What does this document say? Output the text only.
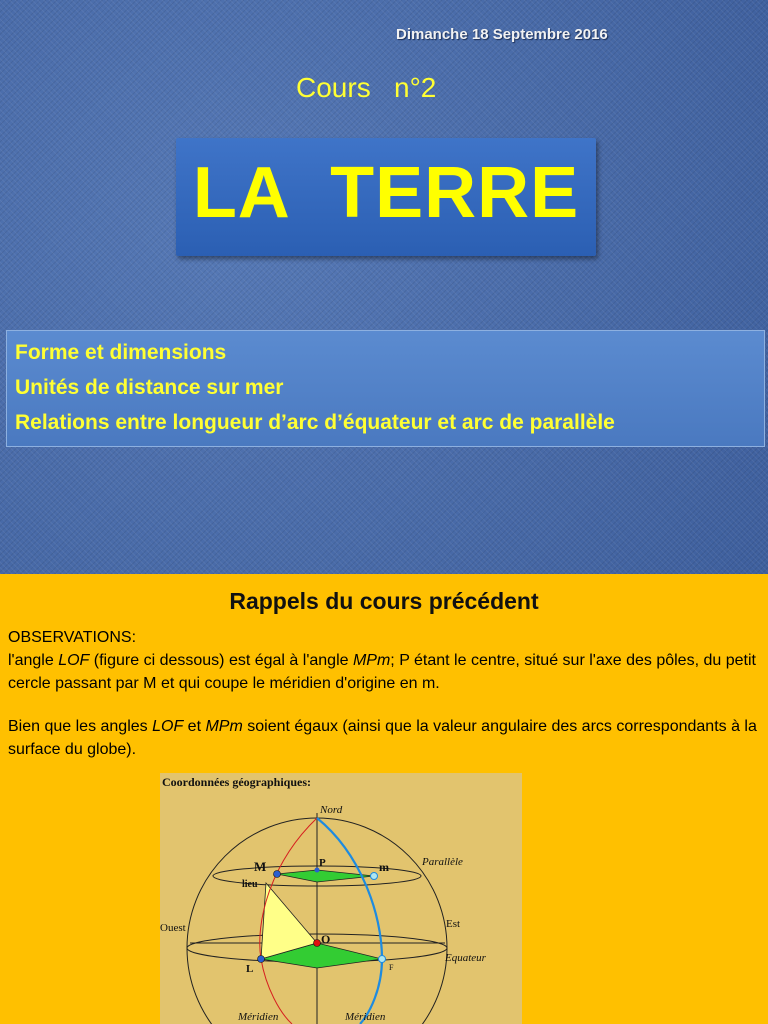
Dimanche 18 Septembre 2016
Cours   n°2
LA  TERRE
Forme et dimensions
Unités de distance sur mer
Relations entre longueur d’arc d’équateur et arc de parallèle
Rappels du cours précédent
OBSERVATIONS:
l'angle LOF (figure ci dessous) est égal à l'angle MPm; P étant le centre, situé sur l'axe des pôles, du petit cercle passant par M et qui coupe le méridien d'origine en m.
Bien que les angles LOF et MPm soient égaux (ainsi que la valeur angulaire des arcs correspondants à la surface du globe).
Coordonnées géographiques:
Nord
Parallèle
Equateur
Est
Ouest
M	P	m
lieu
O
L	F
Méridien	Méridien
